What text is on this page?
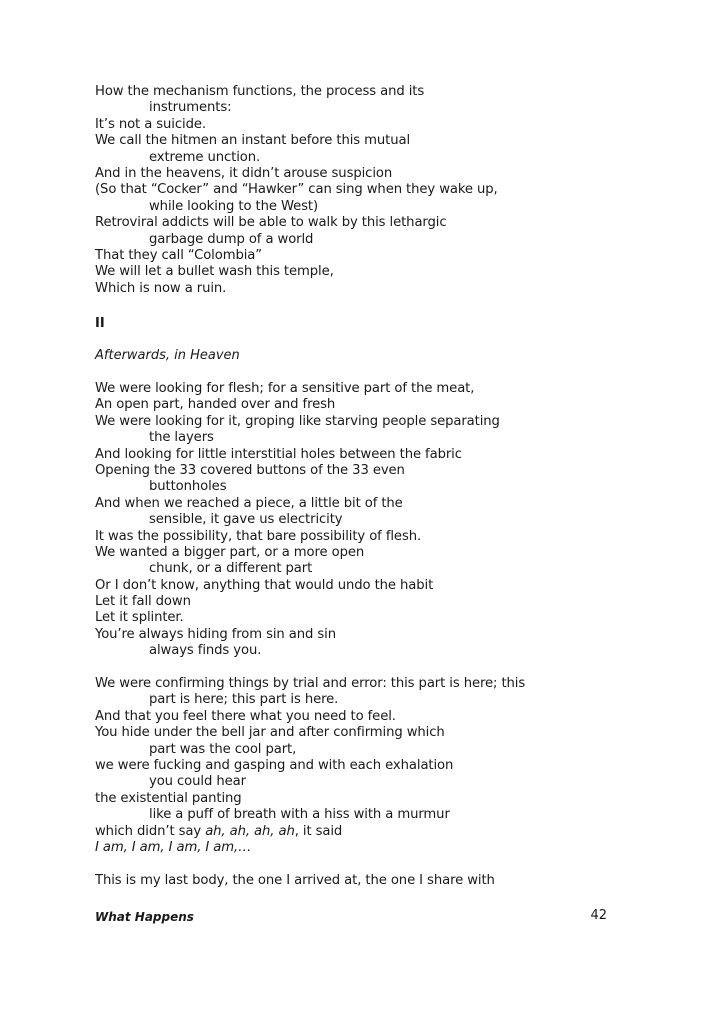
How the mechanism functions, the process and its
instruments:
It’s not a suicide.
We call the hitmen an instant before this mutual
extreme unction.
And in the heavens, it didn’t arouse suspicion
(So that “Cocker” and “Hawker” can sing when they wake up,
while looking to the West)
Retroviral addicts will be able to walk by this lethargic
garbage dump of a world
That they call “Colombia”
We will let a bullet wash this temple,
Which is now a ruin.
II
Afterwards, in Heaven
We were looking for flesh; for a sensitive part of the meat,
An open part, handed over and fresh
We were looking for it, groping like starving people separating
the layers
And looking for little interstitial holes between the fabric
Opening the 33 covered buttons of the 33 even
buttonholes
And when we reached a piece, a little bit of the
sensible, it gave us electricity
It was the possibility, that bare possibility of flesh.
We wanted a bigger part, or a more open
chunk, or a different part
Or I don’t know, anything that would undo the habit
Let it fall down
Let it splinter.
You’re always hiding from sin and sin
always finds you.
We were confirming things by trial and error: this part is here; this
part is here; this part is here.
And that you feel there what you need to feel.
You hide under the bell jar and after confirming which
part was the cool part,
we were fucking and gasping and with each exhalation
you could hear
the existential panting
like a puff of breath with a hiss with a murmur
which didn’t say ah, ah, ah, ah, it said
I am, I am, I am, I am,…
This is my last body, the one I arrived at, the one I share with
What Happens	42
